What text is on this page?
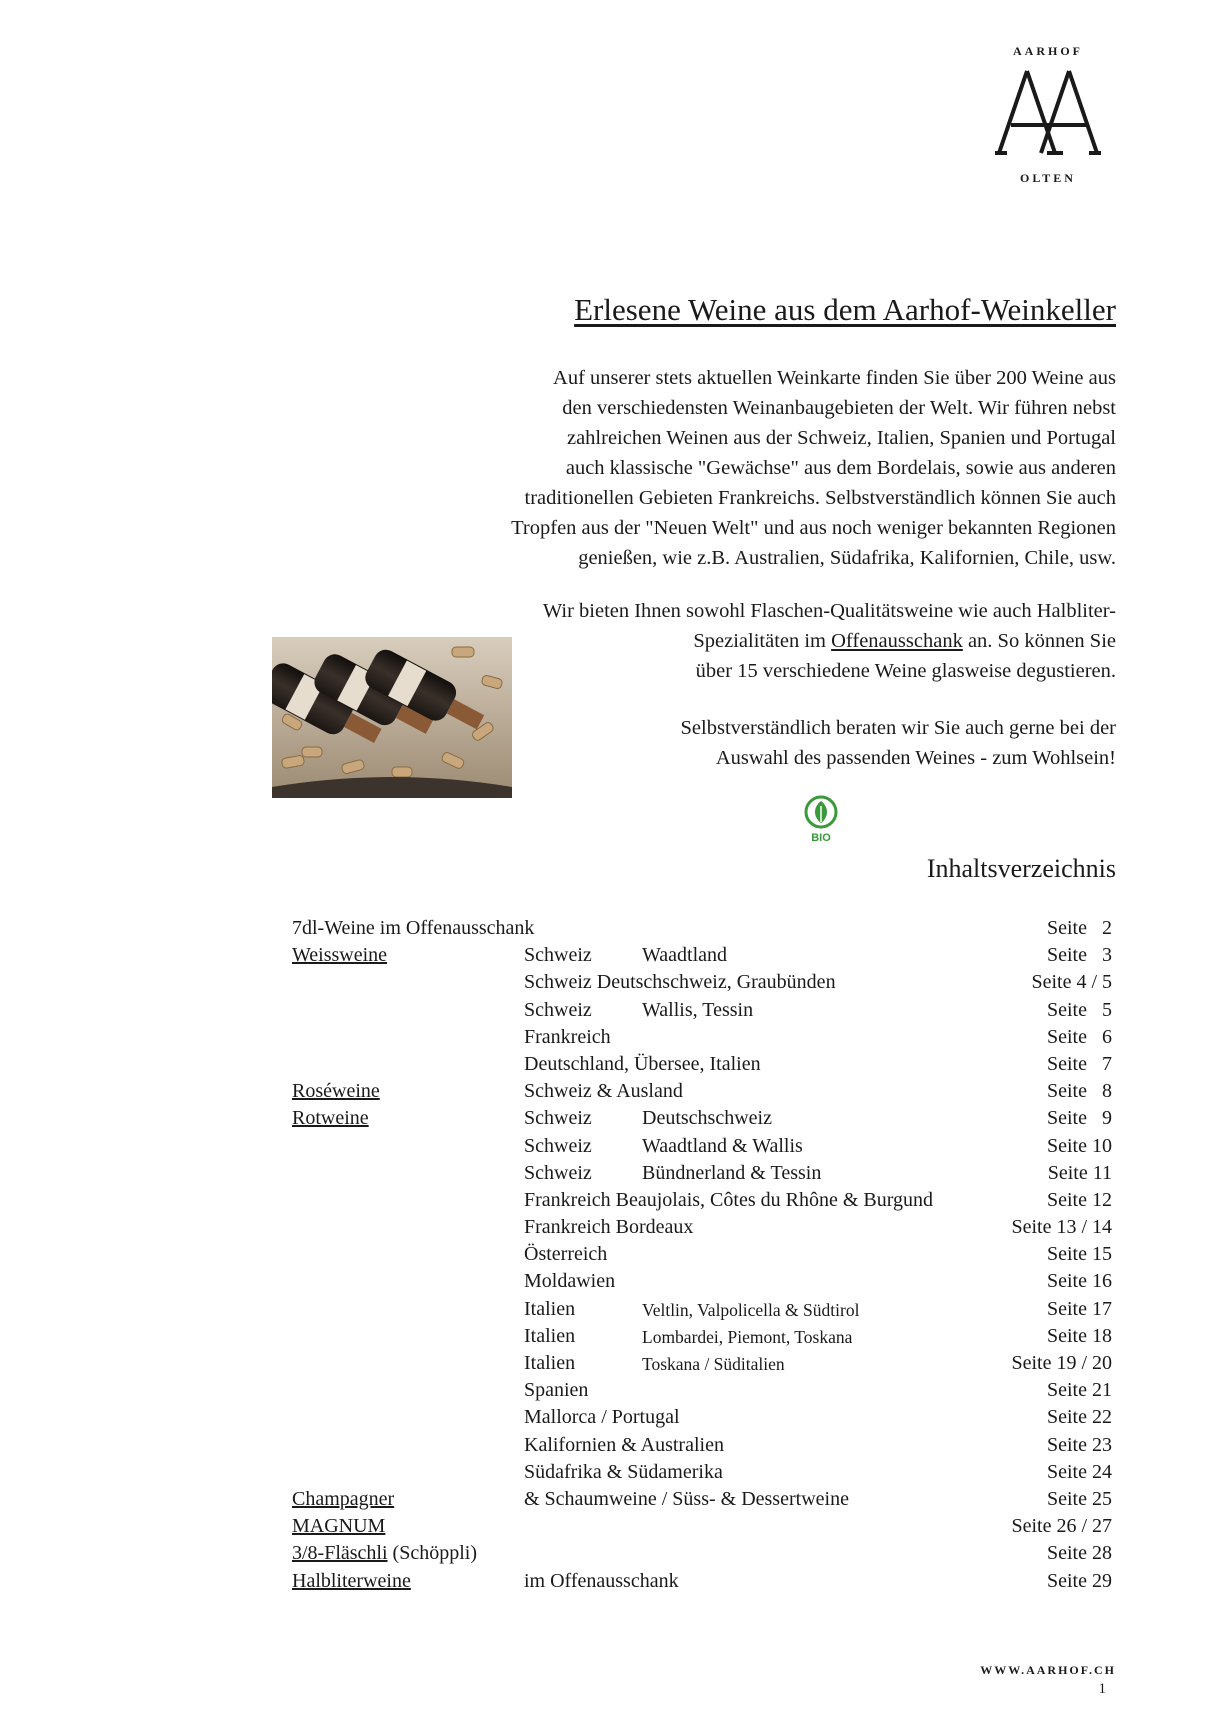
AARHOF
OLTEN
Erlesene Weine aus dem Aarhof-Weinkeller
Auf unserer stets aktuellen Weinkarte finden Sie über 200 Weine aus
den verschiedensten Weinanbaugebieten der Welt. Wir führen nebst
zahlreichen Weinen aus der Schweiz, Italien, Spanien und Portugal
auch klassische "Gewächse" aus dem Bordelais, sowie aus anderen
traditionellen Gebieten Frankreichs. Selbstverständlich können Sie auch
Tropfen aus der "Neuen Welt" und aus noch weniger bekannten Regionen
genießen, wie z.B. Australien, Südafrika, Kalifornien, Chile, usw.
Wir bieten Ihnen sowohl Flaschen-Qualitätsweine wie auch Halbliter-
Spezialitäten im Offenausschank an. So können Sie
über 15 verschiedene Weine glasweise degustieren.
Selbstverständlich beraten wir Sie auch gerne bei der
Auswahl des passenden Weines - zum Wohlsein!
BIO
Inhaltsverzeichnis
7dl-Weine im Offenausschank	Seite   2
Weissweine	Schweiz	Waadtland	Seite   3
Schweiz Deutschschweiz, Graubünden	Seite 4 / 5
Schweiz	Wallis, Tessin	Seite   5
Frankreich	Seite   6
Deutschland, Übersee, Italien	Seite   7
Roséweine	Schweiz & Ausland	Seite   8
Rotweine	Schweiz	Deutschschweiz	Seite   9
Schweiz	Waadtland & Wallis	Seite 10
Schweiz	Bündnerland & Tessin	Seite 11
Frankreich Beaujolais, Côtes du Rhône & Burgund	Seite 12
Frankreich Bordeaux	Seite 13 / 14
Österreich	Seite 15
Moldawien	Seite 16
Italien	Veltlin, Valpolicella & Südtirol	Seite 17
Italien	Lombardei, Piemont, Toskana	Seite 18
Italien	Toskana / Süditalien	Seite 19 / 20
Spanien	Seite 21
Mallorca / Portugal	Seite 22
Kalifornien & Australien	Seite 23
Südafrika & Südamerika	Seite 24
Champagner	& Schaumweine / Süss- & Dessertweine	Seite 25
MAGNUM	Seite 26 / 27
3/8-Fläschli (Schöppli)	Seite 28
Halbliterweine	im Offenausschank	Seite 29
WWW.AARHOF.CH
1
